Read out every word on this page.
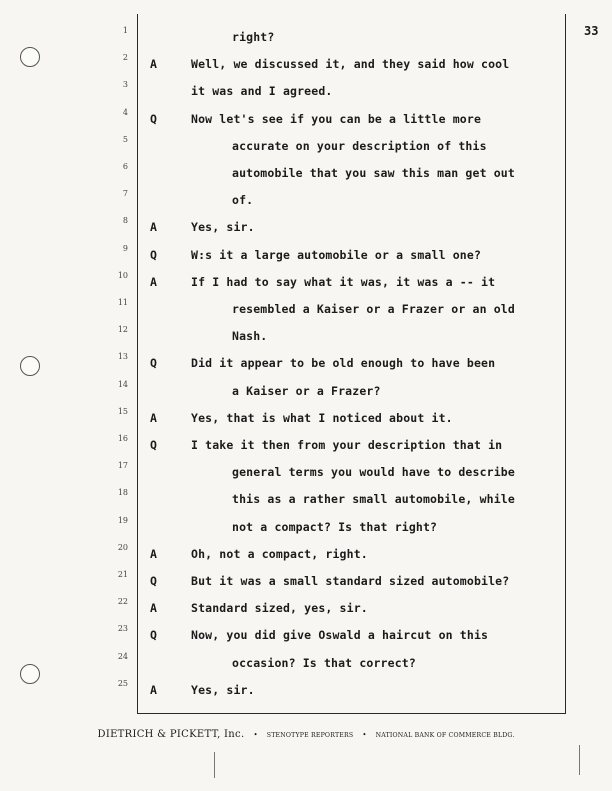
33
1	right?
2 A	Well, we discussed it, and they said how cool
3	it was and I agreed.
4 Q	Now let's see if you can be a little more
5	accurate on your description of this
6	automobile that you saw this man get out
7	of.
8 A	Yes, sir.
9 Q	W:s it a large automobile or a small one?
10 A	If I had to say what it was, it was a -- it
11	resembled a Kaiser or a Frazer or an old
12	Nash.
13 Q	Did it appear to be old enough to have been
14	a Kaiser or a Frazer?
15 A	Yes, that is what I noticed about it.
16 Q	I take it then from your description that in
17	general terms you would have to describe
18	this as a rather small automobile, while
19	not a compact? Is that right?
20 A	Oh, not a compact, right.
21 Q	But it was a small standard sized automobile?
22 A	Standard sized, yes, sir.
23 Q	Now, you did give Oswald a haircut on this
24	occasion? Is that correct?
25 A	Yes, sir.
DIETRICH & PICKETT, Inc. • STENOTYPE REPORTERS • NATIONAL BANK OF COMMERCE BLDG.
